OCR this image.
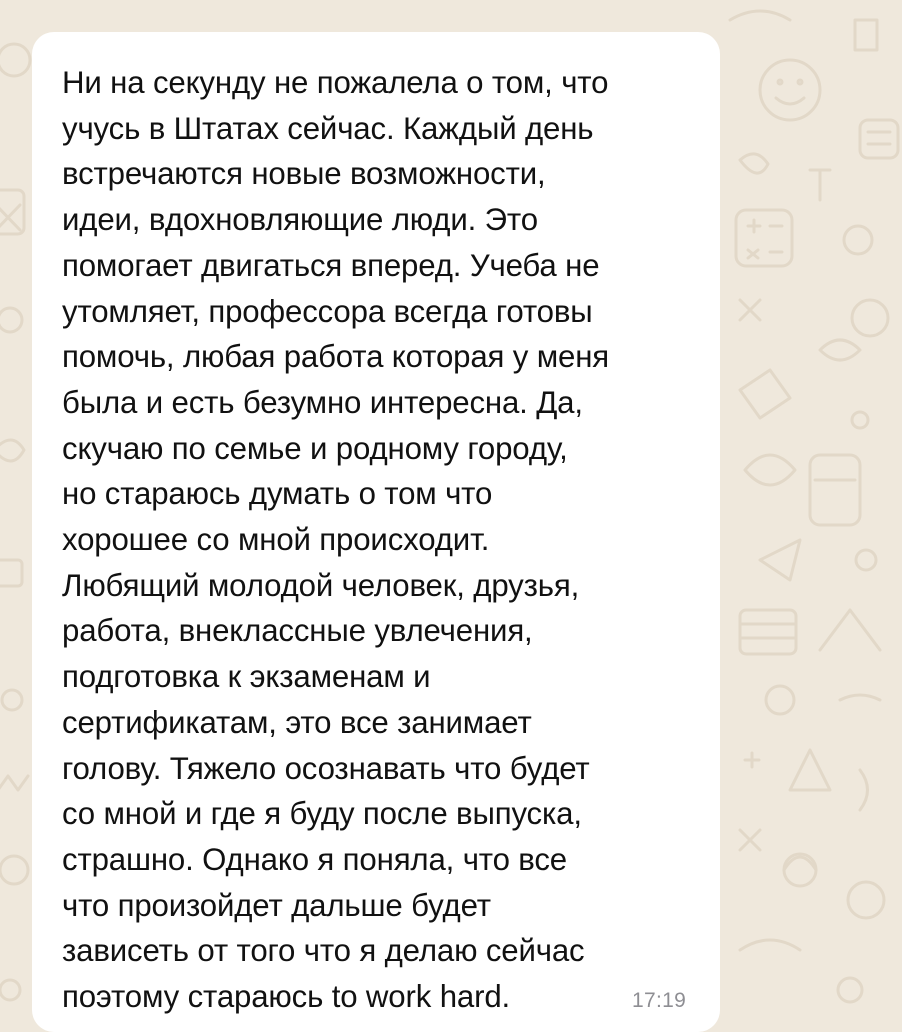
Ни на секунду не пожалела о том, что
учусь в Штатах сейчас. Каждый день
встречаются новые возможности,
идеи, вдохновляющие люди. Это
помогает двигаться вперед. Учеба не
утомляет, профессора всегда готовы
помочь, любая работа которая у меня
была и есть безумно интересна. Да,
скучаю по семье и родному городу,
но стараюсь думать о том что
хорошее со мной происходит.
Любящий молодой человек, друзья,
работа, внеклассные увлечения,
подготовка к экзаменам и
сертификатам, это все занимает
голову. Тяжело осознавать что будет
со мной и где я буду после выпуска,
страшно. Однако я поняла, что все
что произойдет дальше будет
зависеть от того что я делаю сейчас
поэтому стараюсь to work hard.	17:19
